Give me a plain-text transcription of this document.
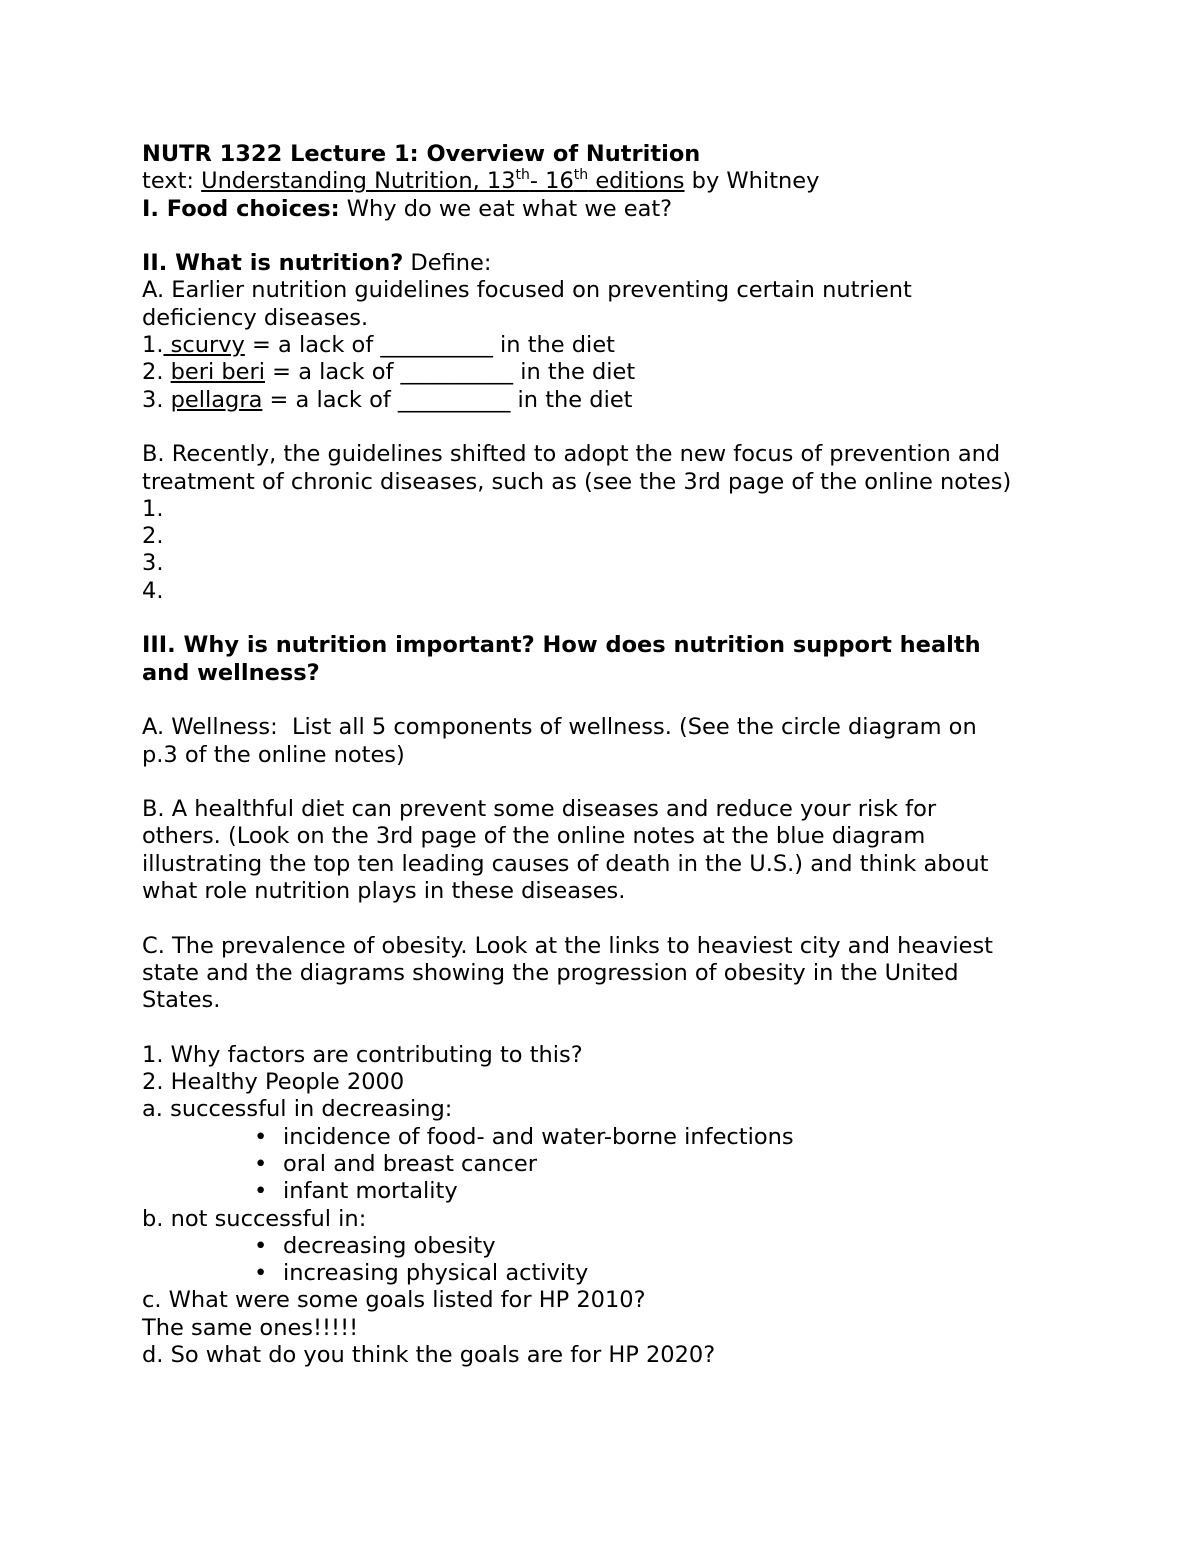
NUTR 1322 Lecture 1: Overview of Nutrition
text: Understanding Nutrition, 13th- 16th editions by Whitney
I. Food choices: Why do we eat what we eat?
II. What is nutrition? Define:
A. Earlier nutrition guidelines focused on preventing certain nutrient
deficiency diseases.
1. scurvy = a lack of __________ in the diet
2. beri beri = a lack of __________ in the diet
3. pellagra = a lack of __________ in the diet
B. Recently, the guidelines shifted to adopt the new focus of prevention and
treatment of chronic diseases, such as (see the 3rd page of the online notes)
1.
2.
3.
4.
III. Why is nutrition important? How does nutrition support health
and wellness?
A. Wellness:  List all 5 components of wellness. (See the circle diagram on
p.3 of the online notes)
B. A healthful diet can prevent some diseases and reduce your risk for
others. (Look on the 3rd page of the online notes at the blue diagram
illustrating the top ten leading causes of death in the U.S.) and think about
what role nutrition plays in these diseases.
C. The prevalence of obesity. Look at the links to heaviest city and heaviest
state and the diagrams showing the progression of obesity in the United
States.
1. Why factors are contributing to this?
2. Healthy People 2000
a. successful in decreasing:
• incidence of food- and water-borne infections
• oral and breast cancer
• infant mortality
b. not successful in:
• decreasing obesity
• increasing physical activity
c. What were some goals listed for HP 2010?
The same ones!!!!!
d. So what do you think the goals are for HP 2020?
